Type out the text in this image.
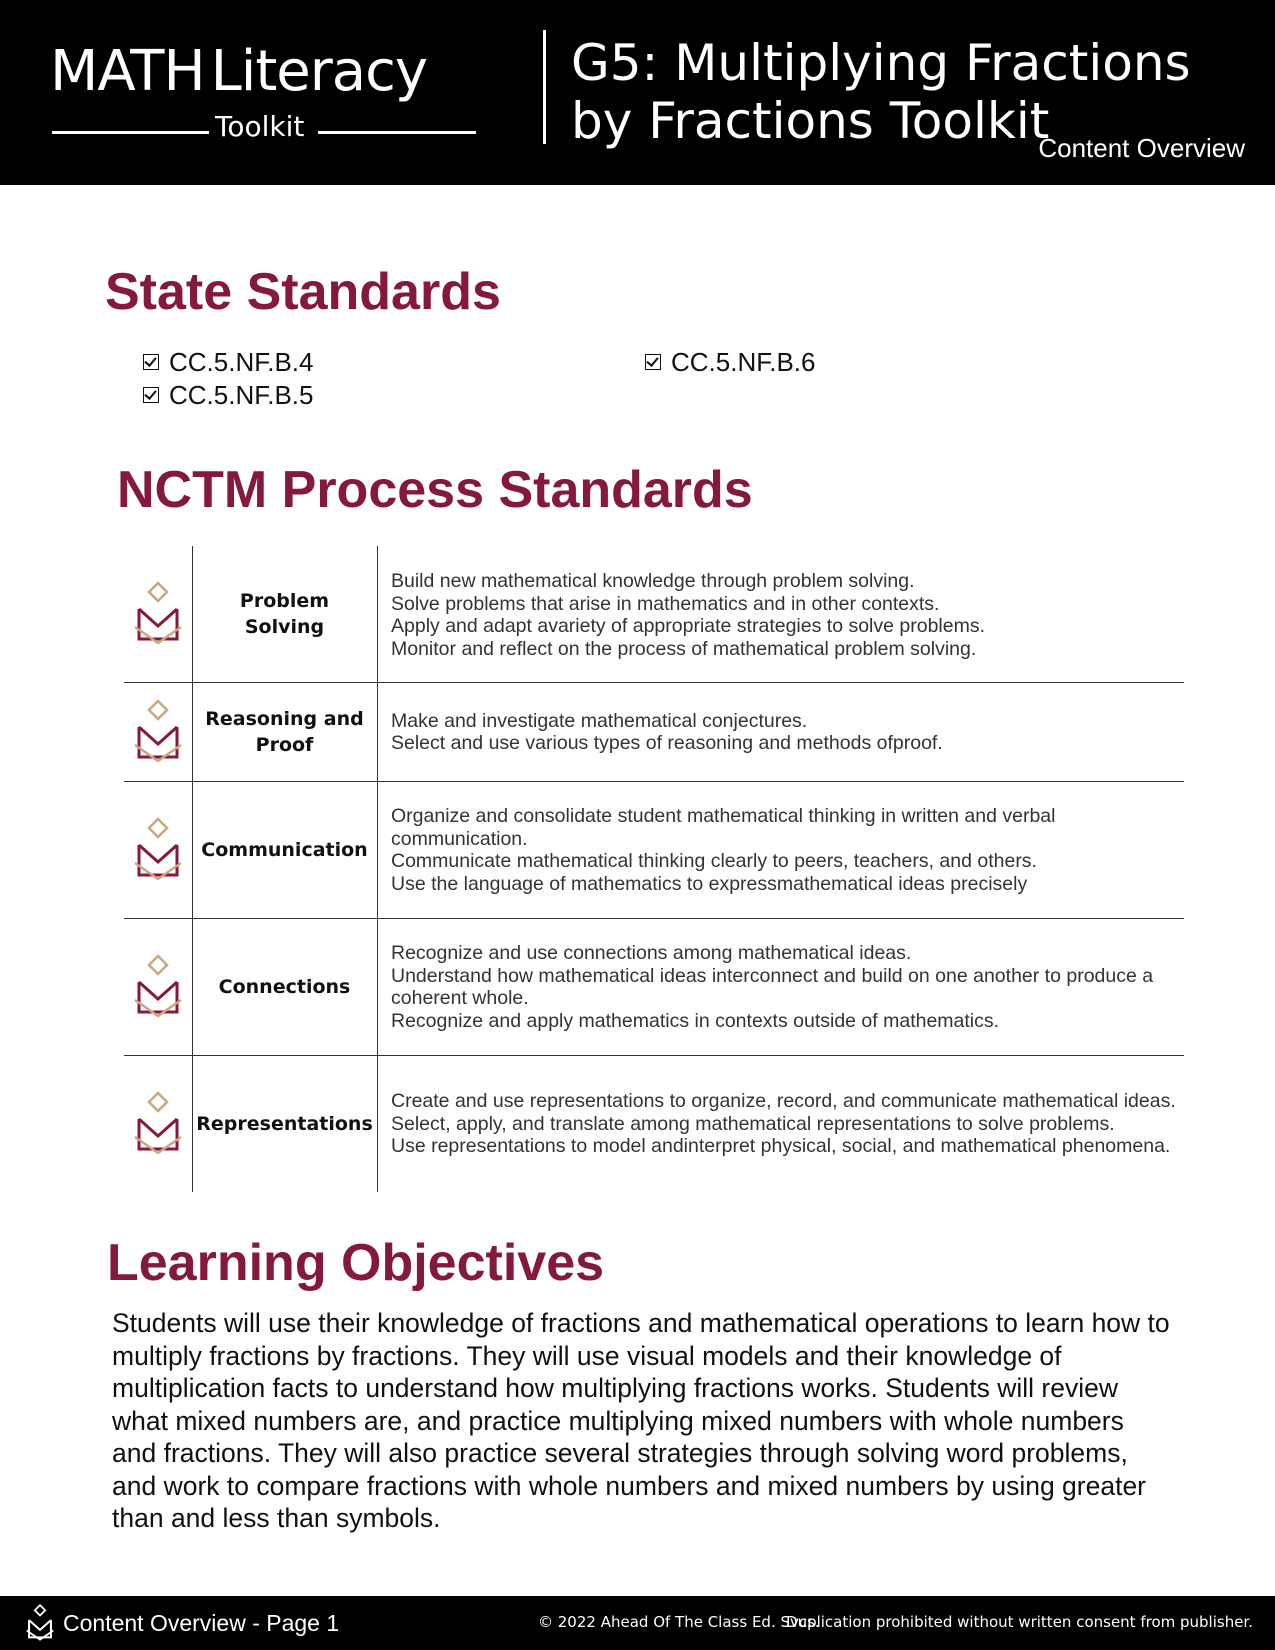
MATH Literacy
Toolkit
G5: Multiplying Fractions by Fractions Toolkit
Content Overview
State Standards
CC.5.NF.B.4
CC.5.NF.B.5
CC.5.NF.B.6
NCTM Process Standards
Problem Solving
Build new mathematical knowledge through problem solving.
Solve problems that arise in mathematics and in other contexts.
Apply and adapt avariety of appropriate strategies to solve problems.
Monitor and reflect on the process of mathematical problem solving.
Reasoning and Proof
Make and investigate mathematical conjectures.
Select and use various types of reasoning and methods ofproof.
Communication
Organize and consolidate student mathematical thinking in written and verbal communication.
Communicate mathematical thinking clearly to peers, teachers, and others.
Use the language of mathematics to expressmathematical ideas precisely
Connections
Recognize and use connections among mathematical ideas.
Understand how mathematical ideas interconnect and build on one another to produce a coherent whole.
Recognize and apply mathematics in contexts outside of mathematics.
Representations
Create and use representations to organize, record, and communicate mathematical ideas.
Select, apply, and translate among mathematical representations to solve problems.
Use representations to model andinterpret physical, social, and mathematical phenomena.
Learning Objectives
Students will use their knowledge of fractions and mathematical operations to learn how to multiply fractions by fractions. They will use visual models and their knowledge of multiplication facts to understand how multiplying fractions works. Students will review what mixed numbers are, and practice multiplying mixed numbers with whole numbers and fractions. They will also practice several strategies through solving word problems, and work to compare fractions with whole numbers and mixed numbers by using greater than and less than symbols.
Content Overview - Page 1	© 2022 Ahead Of The Class Ed. Svcs.
Duplication prohibited without written consent from publisher.
